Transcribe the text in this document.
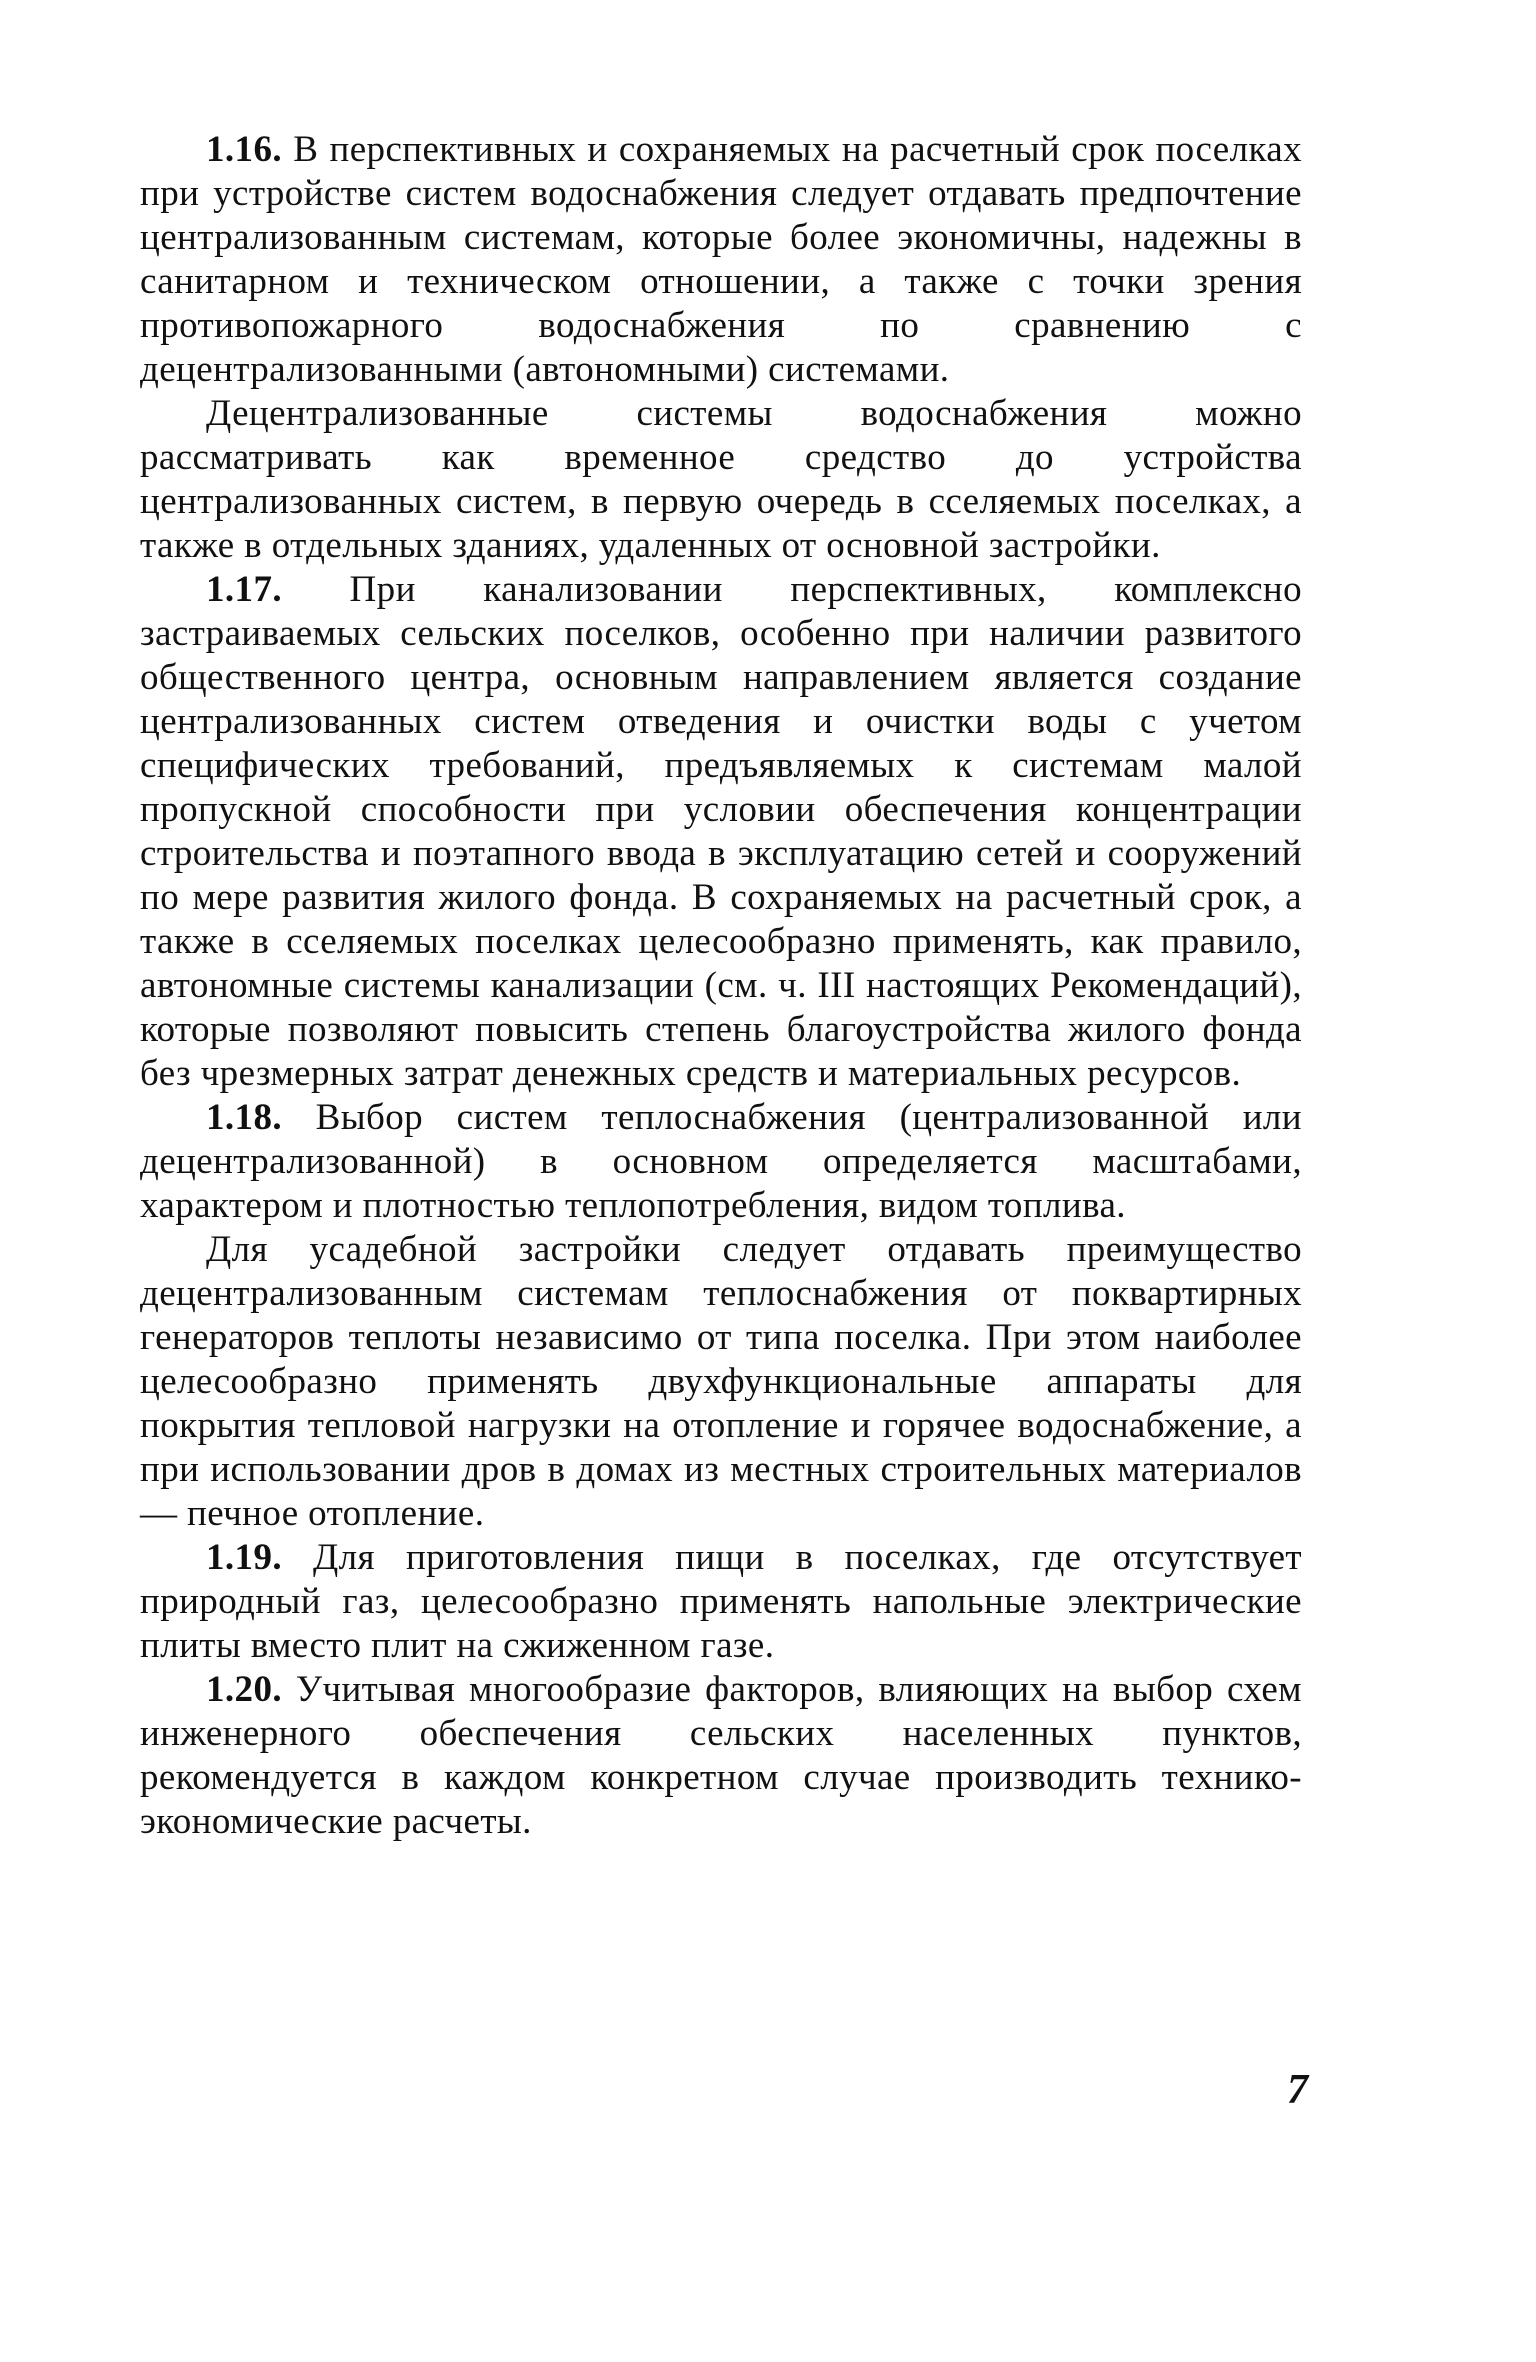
1.16. В перспективных и сохраняемых на расчетный срок поселках при устройстве систем водоснабжения следует отдавать предпочтение централизованным системам, которые более экономичны, надежны в санитарном и техническом отношении, а также с точки зрения противопожарного водоснабжения по сравнению с децентрализованными (автономными) системами.

Децентрализованные системы водоснабжения можно рассматривать как временное средство до устройства централизованных систем, в первую очередь в сселяемых поселках, а также в отдельных зданиях, удаленных от основной застройки.

1.17. При канализовании перспективных, комплексно застраиваемых сельских поселков, особенно при наличии развитого общественного центра, основным направлением является создание централизованных систем отведения и очистки воды с учетом специфических требований, предъявляемых к системам малой пропускной способности при условии обеспечения концентрации строительства и поэтапного ввода в эксплуатацию сетей и сооружений по мере развития жилого фонда. В сохраняемых на расчетный срок, а также в сселяемых поселках целесообразно применять, как правило, автономные системы канализации (см. ч. III настоящих Рекомендаций), которые позволяют повысить степень благоустройства жилого фонда без чрезмерных затрат денежных средств и материальных ресурсов.

1.18. Выбор систем теплоснабжения (централизованной или децентрализованной) в основном определяется масштабами, характером и плотностью теплопотребления, видом топлива.

Для усадебной застройки следует отдавать преимущество децентрализованным системам теплоснабжения от поквартирных генераторов теплоты независимо от типа поселка. При этом наиболее целесообразно применять двухфункциональные аппараты для покрытия тепловой нагрузки на отопление и горячее водоснабжение, а при использовании дров в домах из местных строительных материалов — печное отопление.

1.19. Для приготовления пищи в поселках, где отсутствует природный газ, целесообразно применять напольные электрические плиты вместо плит на сжиженном газе.

1.20. Учитывая многообразие факторов, влияющих на выбор схем инженерного обеспечения сельских населенных пунктов, рекомендуется в каждом конкретном случае производить технико-экономические расчеты.

7
